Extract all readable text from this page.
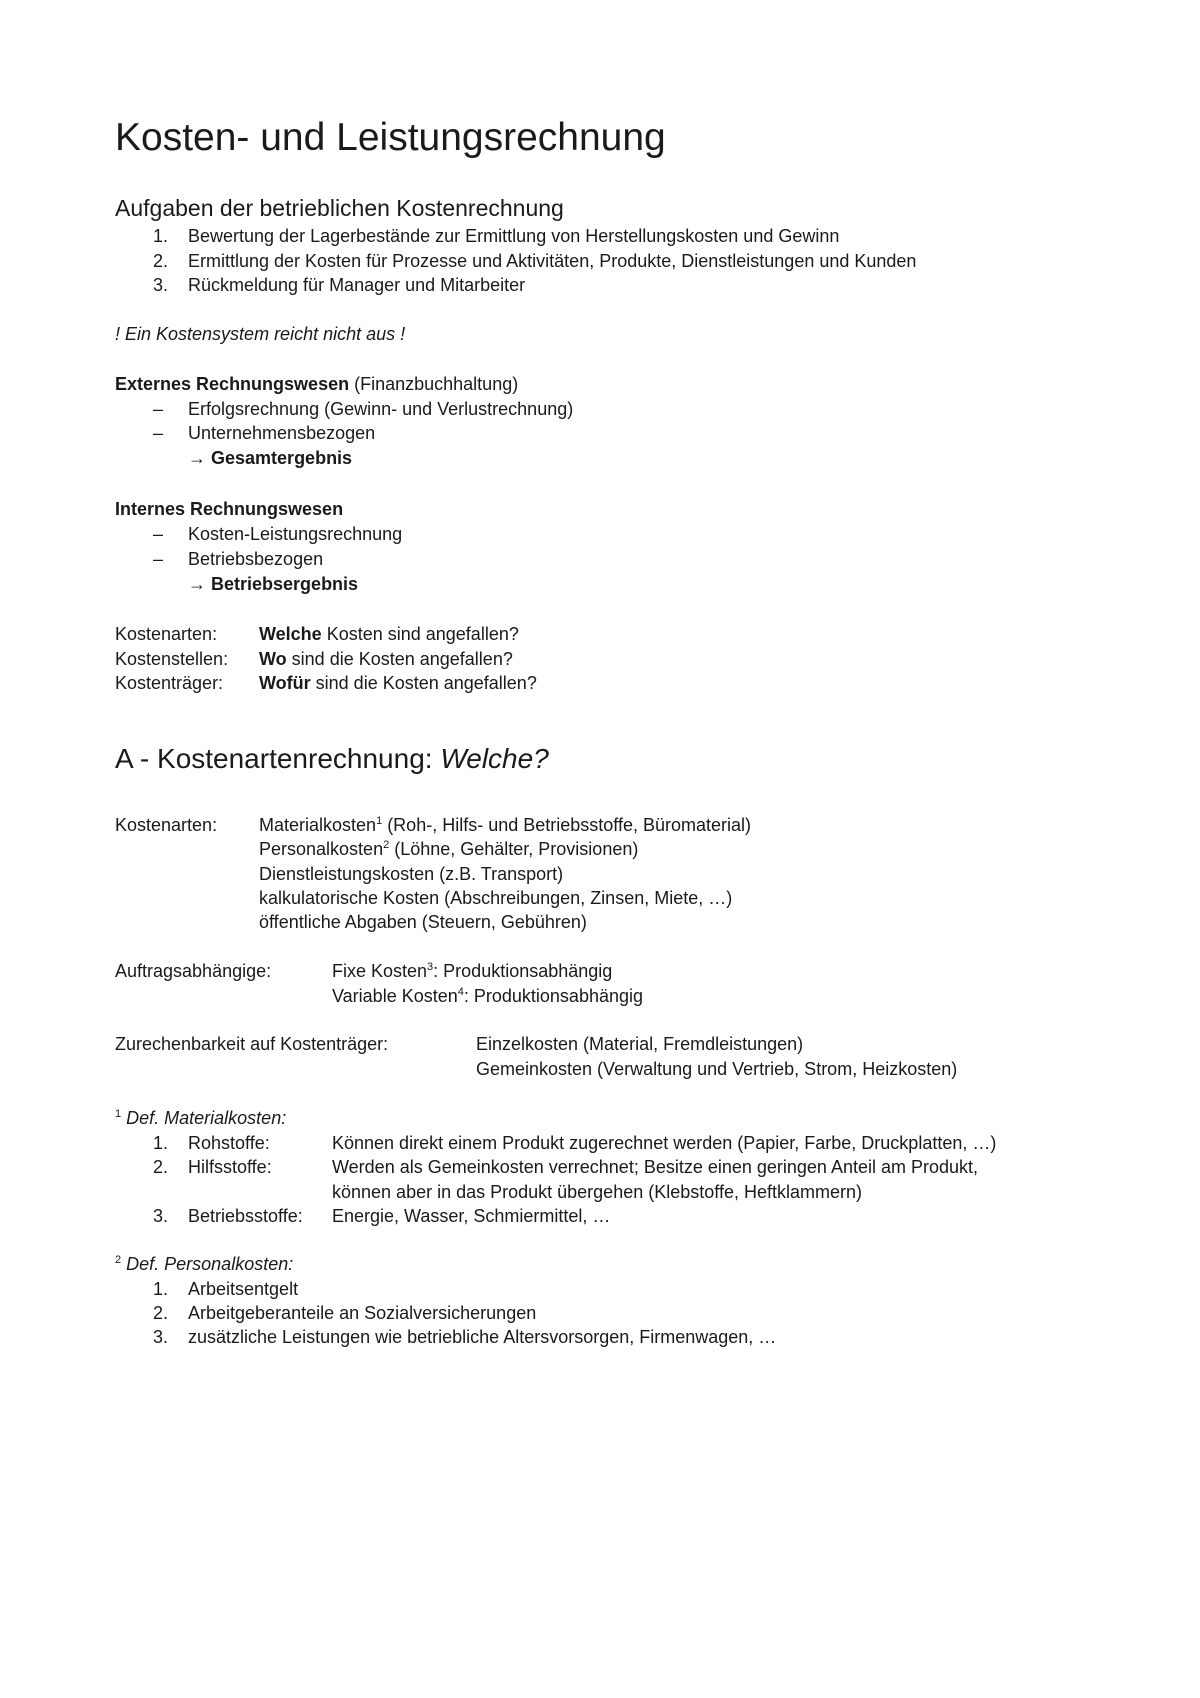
Kosten- und Leistungsrechnung
Aufgaben der betrieblichen Kostenrechnung
1. Bewertung der Lagerbestände zur Ermittlung von Herstellungskosten und Gewinn
2. Ermittlung der Kosten für Prozesse und Aktivitäten, Produkte, Dienstleistungen und Kunden
3. Rückmeldung für Manager und Mitarbeiter
! Ein Kostensystem reicht nicht aus !
Externes Rechnungswesen (Finanzbuchhaltung)
– Erfolgsrechnung (Gewinn- und Verlustrechnung)
– Unternehmensbezogen
→ Gesamtergebnis
Internes Rechnungswesen
– Kosten-Leistungsrechnung
– Betriebsbezogen
→ Betriebsergebnis
Kostenarten: Welche Kosten sind angefallen?
Kostenstellen: Wo sind die Kosten angefallen?
Kostenträger: Wofür sind die Kosten angefallen?
A - Kostenartenrechnung: Welche?
Kostenarten: Materialkosten$^1$ (Roh-, Hilfs- und Betriebsstoffe, Büromaterial)
Personalkosten$^2$ (Löhne, Gehälter, Provisionen)
Dienstleistungskosten (z.B. Transport)
kalkulatorische Kosten (Abschreibungen, Zinsen, Miete, …)
öffentliche Abgaben (Steuern, Gebühren)
Auftragsabhängige:	Fixe Kosten$^3$: Produktionsabhängig
Variable Kosten$^4$: Produktionsabhängig
Zurechenbarkeit auf Kostenträger:	Einzelkosten (Material, Fremdleistungen)
Gemeinkosten (Verwaltung und Vertrieb, Strom, Heizkosten)
$^1$ Def. Materialkosten:
1. Rohstoffe:	Können direkt einem Produkt zugerechnet werden (Papier, Farbe, Druckplatten, …)
2. Hilfsstoffe:	Werden als Gemeinkosten verrechnet; Besitze einen geringen Anteil am Produkt,
können aber in das Produkt übergehen (Klebstoffe, Heftklammern)
3. Betriebsstoffe: Energie, Wasser, Schmiermittel, …
$^2$ Def. Personalkosten:
1. Arbeitsentgelt
2. Arbeitgeberanteile an Sozialversicherungen
3. zusätzliche Leistungen wie betriebliche Altersvorsorgen, Firmenwagen, …
